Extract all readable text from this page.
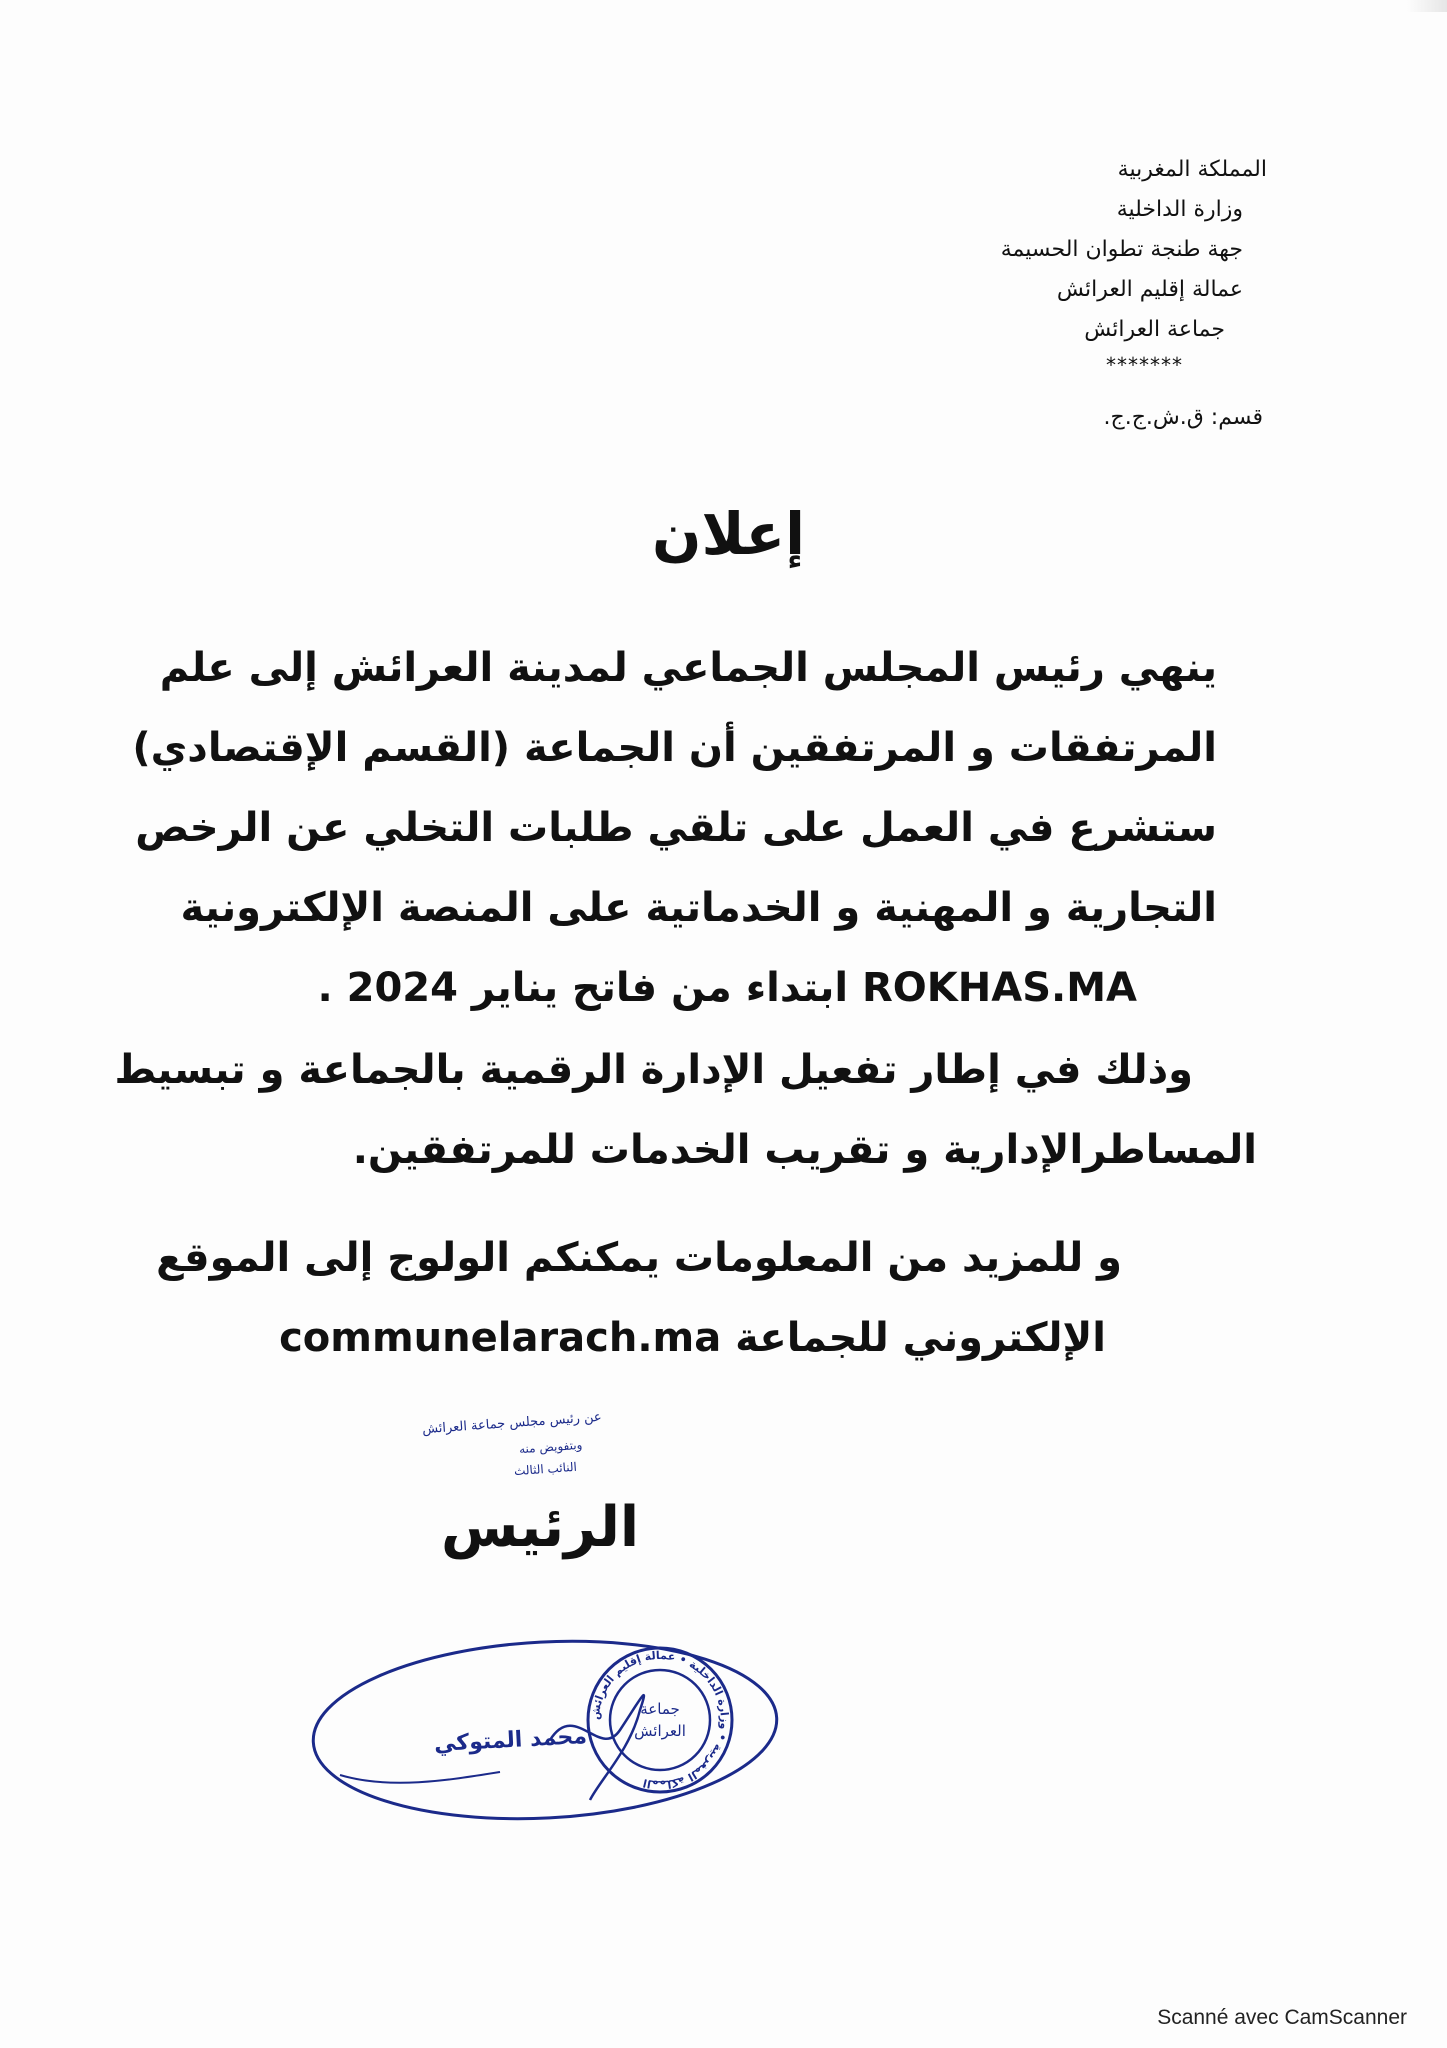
المملكة المغربية
وزارة الداخلية
جهة طنجة تطوان الحسيمة
عمالة إقليم العرائش
جماعة العرائش
*******
قسم: ق.ش.ج.ج.
إعلان
ينهي رئيس المجلس الجماعي لمدينة العرائش إلى علم
المرتفقات و المرتفقين أن الجماعة (القسم الإقتصادي)
ستشرع في العمل على تلقي طلبات التخلي عن الرخص
التجارية و المهنية و الخدماتية على المنصة الإلكترونية
ROKHAS.MA ابتداء من فاتح يناير 2024 .
وذلك في إطار تفعيل الإدارة الرقمية بالجماعة و تبسيط
المساطرالإدارية و تقريب الخدمات للمرتفقين.
و للمزيد من المعلومات يمكنكم الولوج إلى الموقع
الإلكتروني للجماعة communelarach.ma
الرئيس
المملكة المغربية • وزارة الداخلية • عمالة إقليم العرائش
جماعة
العرائش
عن رئيس مجلس جماعة العرائش
وبتفويض منه
النائب الثالث
محمد المتوكي
Scanné avec CamScanner
